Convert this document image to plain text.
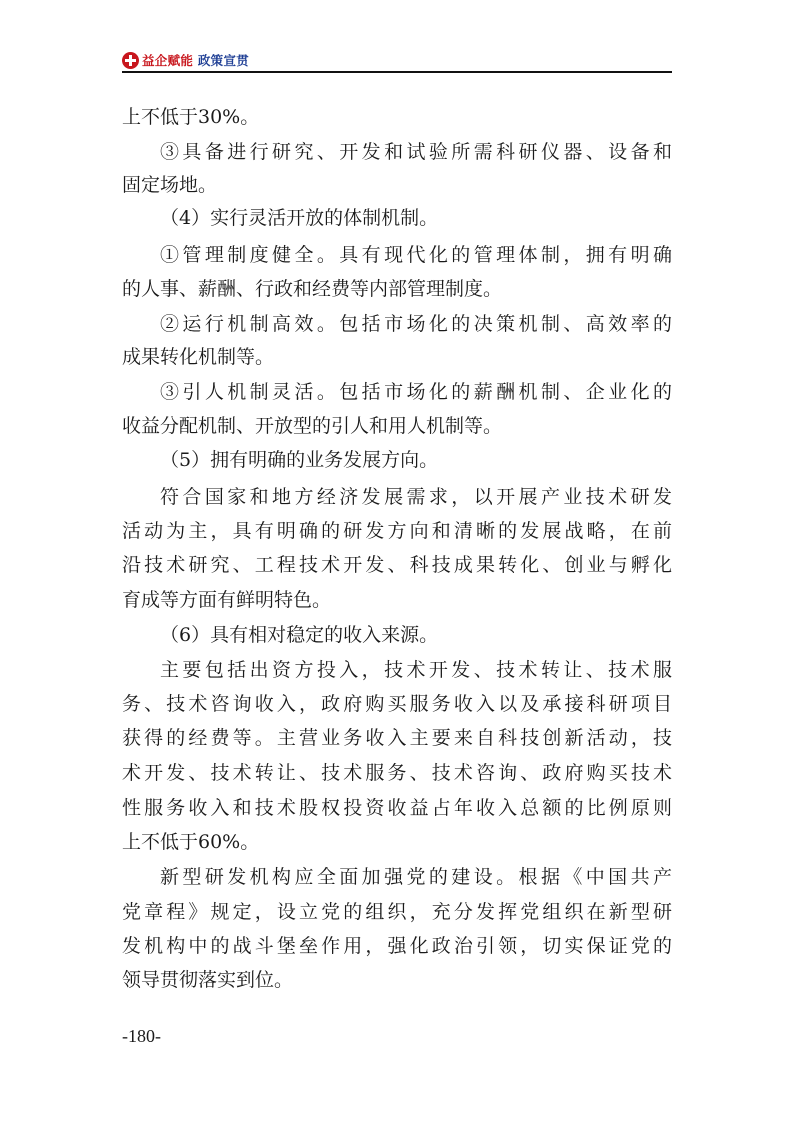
益企赋能 政策宣贯
上不低于30%。
③具备进行研究、开发和试验所需科研仪器、设备和
固定场地。
（4）实行灵活开放的体制机制。
①管理制度健全。具有现代化的管理体制，拥有明确
的人事、薪酬、行政和经费等内部管理制度。
②运行机制高效。包括市场化的决策机制、高效率的
成果转化机制等。
③引人机制灵活。包括市场化的薪酬机制、企业化的
收益分配机制、开放型的引人和用人机制等。
（5）拥有明确的业务发展方向。
符合国家和地方经济发展需求，以开展产业技术研发
活动为主，具有明确的研发方向和清晰的发展战略，在前
沿技术研究、工程技术开发、科技成果转化、创业与孵化
育成等方面有鲜明特色。
（6）具有相对稳定的收入来源。
主要包括出资方投入，技术开发、技术转让、技术服
务、技术咨询收入，政府购买服务收入以及承接科研项目
获得的经费等。主营业务收入主要来自科技创新活动，技
术开发、技术转让、技术服务、技术咨询、政府购买技术
性服务收入和技术股权投资收益占年收入总额的比例原则
上不低于60%。
新型研发机构应全面加强党的建设。根据《中国共产
党章程》规定，设立党的组织，充分发挥党组织在新型研
发机构中的战斗堡垒作用，强化政治引领，切实保证党的
领导贯彻落实到位。
-180-
